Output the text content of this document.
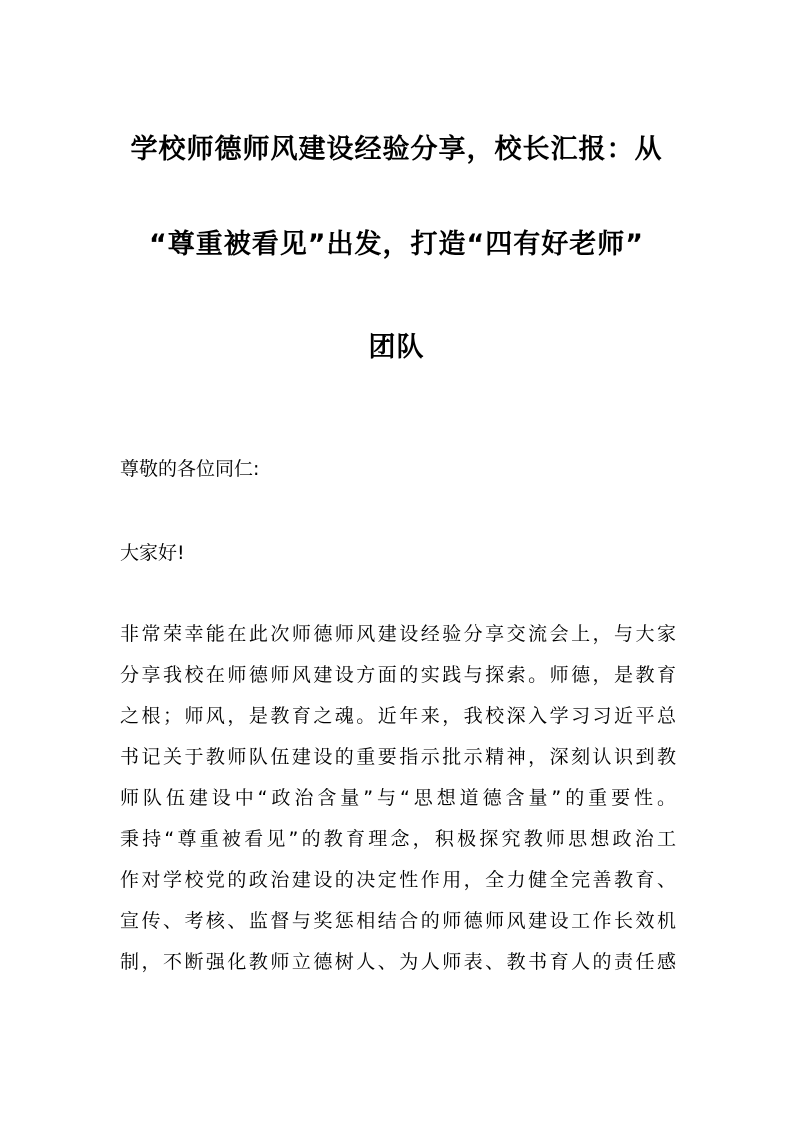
学校师德师风建设经验分享，校长汇报：从
“尊重被看见”出发，打造“四有好老师”
团队
尊敬的各位同仁:
大家好!
非常荣幸能在此次师德师风建设经验分享交流会上，与大家
分享我校在师德师风建设方面的实践与探索。师德，是教育
之根；师风，是教育之魂。近年来，我校深入学习习近平总
书记关于教师队伍建设的重要指示批示精神，深刻认识到教
师队伍建设中“政治含量”与“思想道德含量”的重要性。
秉持“尊重被看见”的教育理念，积极探究教师思想政治工
作对学校党的政治建设的决定性作用，全力健全完善教育、
宣传、考核、监督与奖惩相结合的师德师风建设工作长效机
制，不断强化教师立德树人、为人师表、教书育人的责任感
